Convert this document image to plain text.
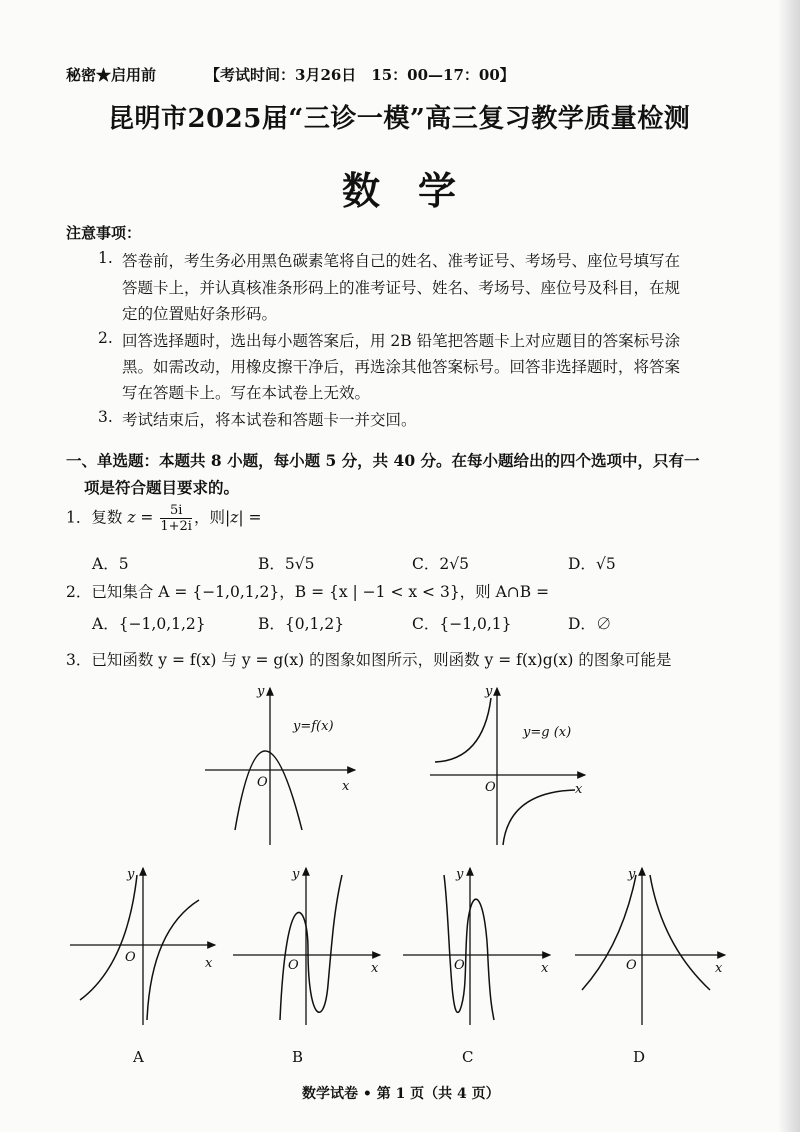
秘密★启用前	【考试时间：3月26日　15：00—17：00】
昆明市2025届“三诊一模”高三复习教学质量检测
数　学
注意事项：
1. 答卷前，考生务必用黑色碳素笔将自己的姓名、准考证号、考场号、座位号填写在
答题卡上，并认真核准条形码上的准考证号、姓名、考场号、座位号及科目，在规
定的位置贴好条形码。
2. 回答选择题时，选出每小题答案后，用 2B 铅笔把答题卡上对应题目的答案标号涂
黑。如需改动，用橡皮擦干净后，再选涂其他答案标号。回答非选择题时，将答案
写在答题卡上。写在本试卷上无效。
3. 考试结束后，将本试卷和答题卡一并交回。
一、单选题：本题共 8 小题，每小题 5 分，共 40 分。在每小题给出的四个选项中，只有一
项是符合题目要求的。
1．复数 $z = \frac{5i}{1+2i}$ ，则|z| =
A．5	B．5√5	C．2√5	D．√5
2．已知集合 A = {−1,0,1,2}，B = {x | −1 < x < 3}，则 A∩B =
A．{−1,0,1,2}	B．{0,1,2}	C．{−1,0,1}	D．∅
3．已知函数 y = f(x) 与 y = g(x) 的图象如图所示，则函数 y = f(x)g(x) 的图象可能是
y
x
O
y=f(x)
y
x
O
y=g (x)
y
x
O
A
y
x
O
B
y
x
O
C
y
x
O
D
数学试卷 • 第 1 页（共 4 页）
